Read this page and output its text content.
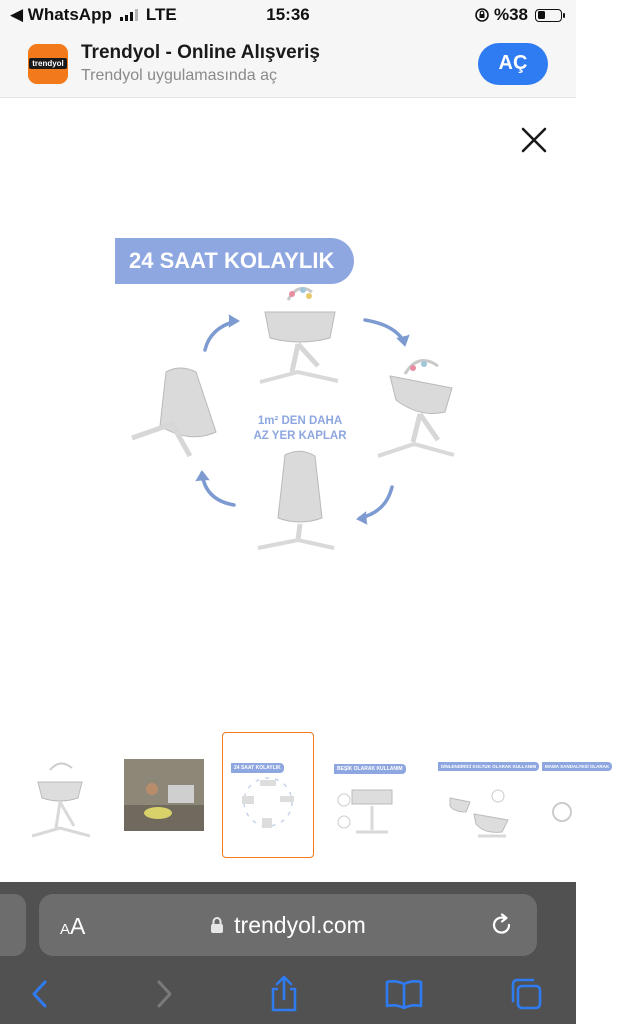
◀ WhatsApp LTE	15:36	%38
trendyol
Trendyol - Online Alışveriş
Trendyol uygulamasında aç
AÇ
24 SAAT KOLAYLIK
1m² DEN DAHA
AZ YER KAPLAR
24 SAAT KOLAYLIK	BEŞİK OLARAK KULLANIM	DİNLENDİRİCİ KOLTUK OLARAK KULLANIM	MAMA SANDALYESİ OLARAK
AA	trendyol.com
